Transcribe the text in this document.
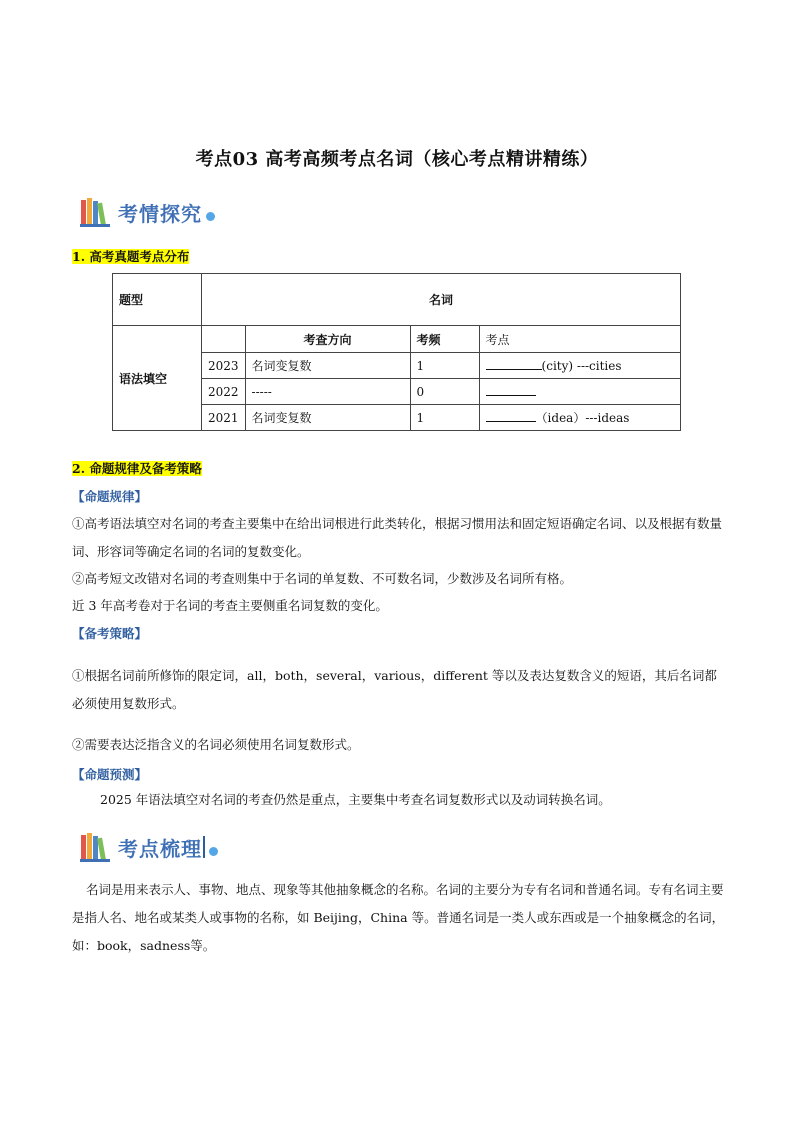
考点03 高考高频考点名词（核心考点精讲精练）
考情探究
1. 高考真题考点分布
题型	名词			
语法填空		考查方向	考频	考点
	2023	名词变复数	1	(city) ---cities
	2022	-----	0	
	2021	名词变复数	1	（idea）---ideas
2. 命题规律及备考策略
【命题规律】

①高考语法填空对名词的考查主要集中在给出词根进行此类转化，根据习惯用法和固定短语确定名词、以及根据有数量词、形容词等确定名词的名词的复数变化。

②高考短文改错对名词的考查则集中于名词的单复数、不可数名词，少数涉及名词所有格。

近 3 年高考卷对于名词的考查主要侧重名词复数的变化。

【备考策略】

①根据名词前所修饰的限定词，all，both，several，various，different 等以及表达复数含义的短语，其后名词都必须使用复数形式。

②需要表达泛指含义的名词必须使用名词复数形式。

【命题预测】

2025 年语法填空对名词的考查仍然是重点，主要集中考查名词复数形式以及动词转换名词。

考点梳理

名词是用来表示人、事物、地点、现象等其他抽象概念的名称。名词的主要分为专有名词和普通名词。专有名词主要是指人名、地名或某类人或事物的名称，如 Beijing，China 等。普通名词是一类人或东西或是一个抽象概念的名词，如：book，sadness等。
